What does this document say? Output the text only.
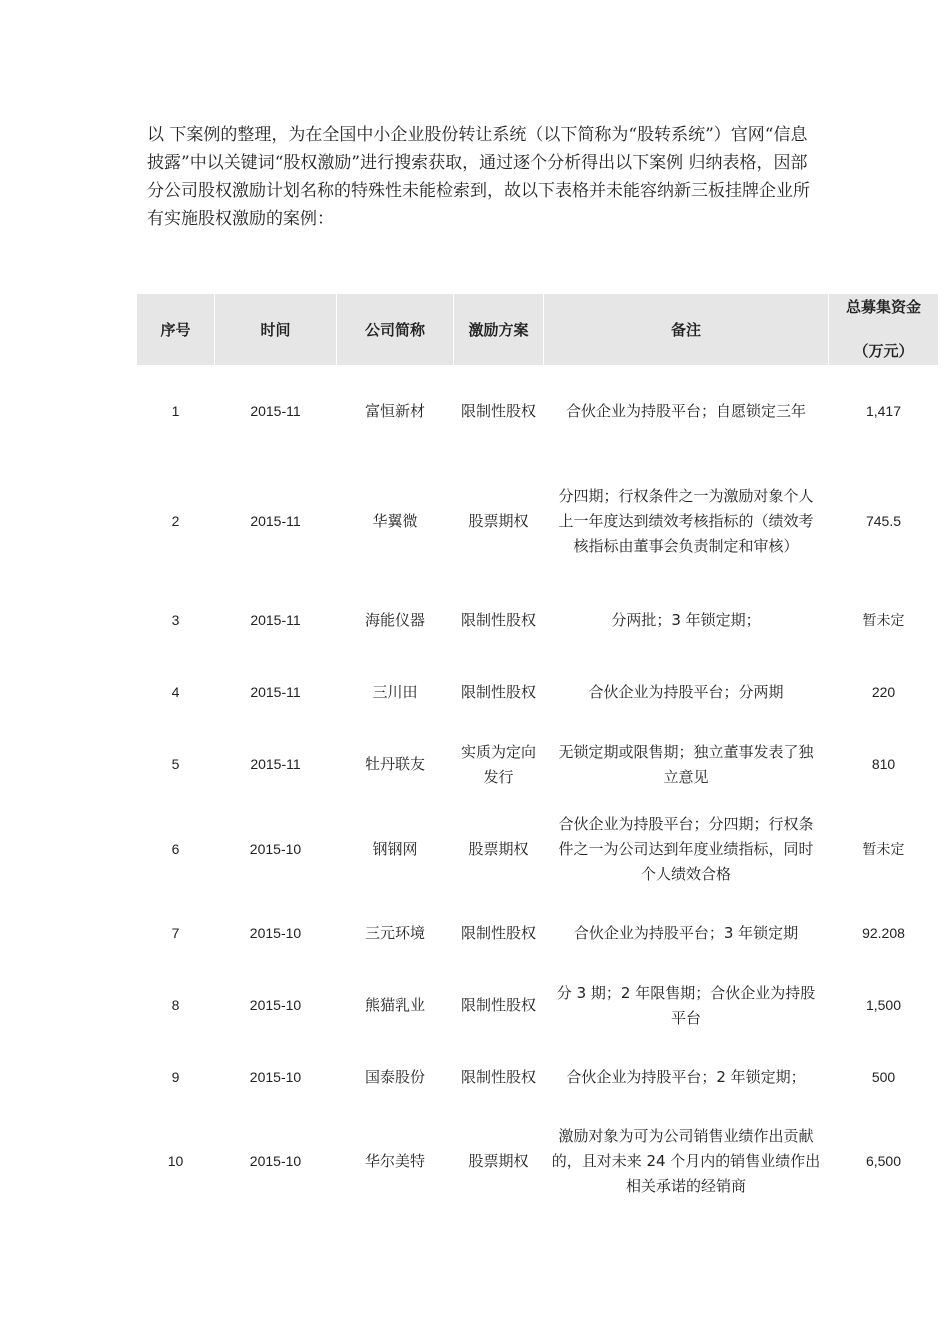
以 下案例的整理，为在全国中小企业股份转让系统（以下简称为“股转系统”）官网“信息披露”中以关键词“股权激励”进行搜索获取，通过逐个分析得出以下案例 归纳表格，因部分公司股权激励计划名称的特殊性未能检索到，故以下表格并未能容纳新三板挂牌企业所有实施股权激励的案例：

序号	时间	公司简称	激励方案	备注	总募集资金
（万元）

1	2015-11	富恒新材	限制性股权	合伙企业为持股平台；自愿锁定三年	1,417
2	2015-11	华翼微	股票期权	分四期；行权条件之一为激励对象个人上一年度达到绩效考核指标的（绩效考核指标由董事会负责制定和审核）	745.5
3	2015-11	海能仪器	限制性股权	分两批；3 年锁定期；	暂未定
4	2015-11	三川田	限制性股权	合伙企业为持股平台；分两期	220
5	2015-11	牡丹联友	实质为定向发行	无锁定期或限售期；独立董事发表了独立意见	810
6	2015-10	钢钢网	股票期权	合伙企业为持股平台；分四期；行权条件之一为公司达到年度业绩指标，同时个人绩效合格	暂未定
7	2015-10	三元环境	限制性股权	合伙企业为持股平台；3 年锁定期	92.208
8	2015-10	熊猫乳业	限制性股权	分 3 期；2 年限售期；合伙企业为持股平台	1,500
9	2015-10	国泰股份	限制性股权	合伙企业为持股平台；2 年锁定期；	500
10	2015-10	华尔美特	股票期权	激励对象为可为公司销售业绩作出贡献的，且对未来 24 个月内的销售业绩作出相关承诺的经销商	6,500
